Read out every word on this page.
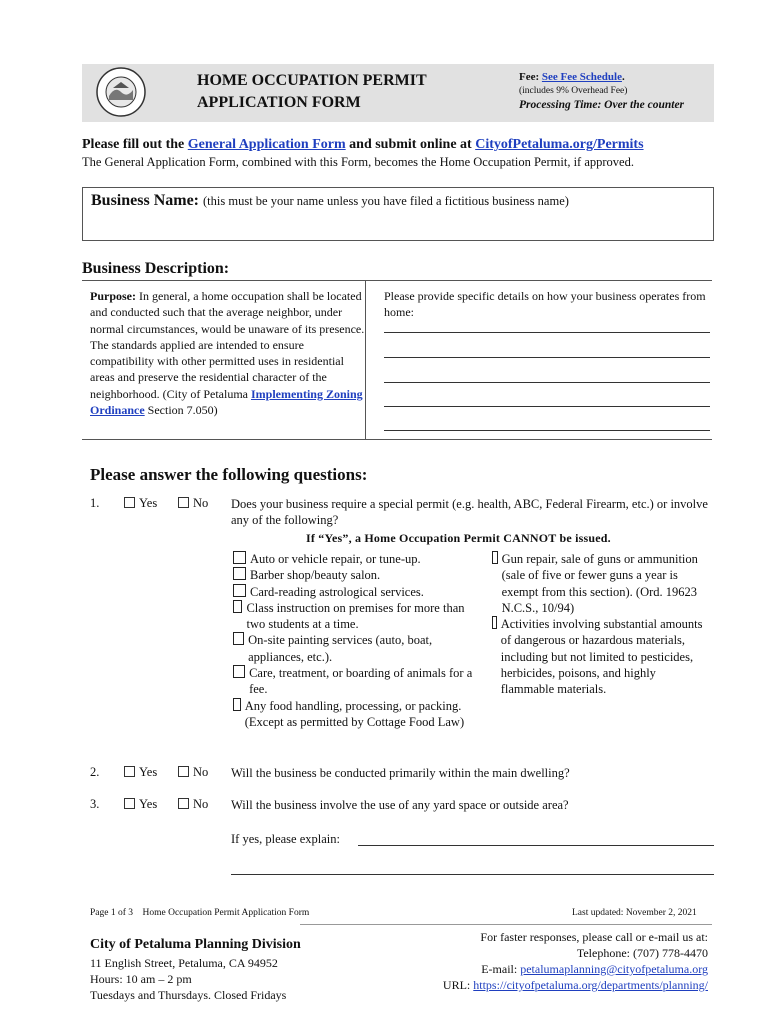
HOME OCCUPATION PERMIT
APPLICATION FORM
Fee: See Fee Schedule.
(includes 9% Overhead Fee)
Processing Time: Over the counter
Please fill out the General Application Form and submit online at CityofPetaluma.org/Permits
The General Application Form, combined with this Form, becomes the Home Occupation Permit, if approved.
Business Name: (this must be your name unless you have filed a fictitious business name)
Business Description:
Purpose: In general, a home occupation shall be located and conducted such that the average neighbor, under normal circumstances, would be unaware of its presence. The standards applied are intended to ensure compatibility with other permitted uses in residential areas and preserve the residential character of the neighborhood. (City of Petaluma Implementing Zoning Ordinance Section 7.050)
Please provide specific details on how your business operates from home:
Please answer the following questions:
1.	Yes	No Does your business require a special permit (e.g. health, ABC, Federal Firearm, etc.) or involve any of the following?
If “Yes”, a Home Occupation Permit CANNOT be issued.
Auto or vehicle repair, or tune-up.
Barber shop/beauty salon.
Card-reading astrological services.
Class instruction on premises for more than two students at a time.
On-site painting services (auto, boat, appliances, etc.).
Care, treatment, or boarding of animals for a fee.
Any food handling, processing, or packing. (Except as permitted by Cottage Food Law)
Gun repair, sale of guns or ammunition (sale of five or fewer guns a year is exempt from this section). (Ord. 19623 N.C.S., 10/94)
Activities involving substantial amounts of dangerous or hazardous materials, including but not limited to pesticides, herbicides, poisons, and highly flammable materials.
2.	Yes	No Will the business be conducted primarily within the main dwelling?
3.	Yes	No Will the business involve the use of any yard space or outside area?
If yes, please explain:
Page 1 of 3 Home Occupation Permit Application Form	Last updated: November 2, 2021
City of Petaluma Planning Division
11 English Street, Petaluma, CA 94952
Hours: 10 am – 2 pm
Tuesdays and Thursdays. Closed Fridays
For faster responses, please call or e-mail us at:
Telephone: (707) 778-4470
E-mail: petalumaplanning@cityofpetaluma.org
URL: https://cityofpetaluma.org/departments/planning/
